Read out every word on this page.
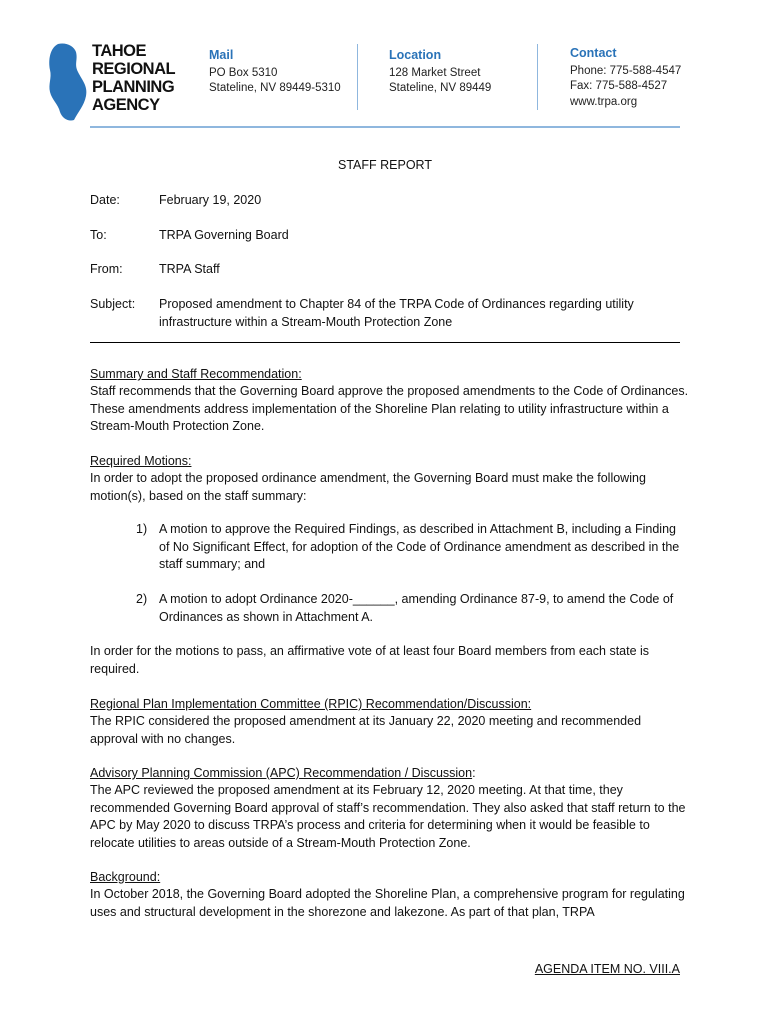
TAHOE
REGIONAL
PLANNING
AGENCY
Mail
PO Box 5310
Stateline, NV 89449-5310
Location
128 Market Street
Stateline, NV 89449
Contact
Phone: 775-588-4547
Fax: 775-588-4527
www.trpa.org
STAFF REPORT
Date:	February 19, 2020
To:	TRPA Governing Board
From:	TRPA Staff
Subject: Proposed amendment to Chapter 84 of the TRPA Code of Ordinances regarding utility infrastructure within a Stream-Mouth Protection Zone
Summary and Staff Recommendation:
Staff recommends that the Governing Board approve the proposed amendments to the Code of Ordinances. These amendments address implementation of the Shoreline Plan relating to utility infrastructure within a Stream-Mouth Protection Zone.
Required Motions:
In order to adopt the proposed ordinance amendment, the Governing Board must make the following motion(s), based on the staff summary:
1) A motion to approve the Required Findings, as described in Attachment B, including a Finding of No Significant Effect, for adoption of the Code of Ordinance amendment as described in the staff summary; and
2) A motion to adopt Ordinance 2020-______, amending Ordinance 87-9, to amend the Code of Ordinances as shown in Attachment A.
In order for the motions to pass, an affirmative vote of at least four Board members from each state is required.
Regional Plan Implementation Committee (RPIC) Recommendation/Discussion:
The RPIC considered the proposed amendment at its January 22, 2020 meeting and recommended approval with no changes.
Advisory Planning Commission (APC) Recommendation / Discussion:
The APC reviewed the proposed amendment at its February 12, 2020 meeting. At that time, they recommended Governing Board approval of staff’s recommendation. They also asked that staff return to the APC by May 2020 to discuss TRPA’s process and criteria for determining when it would be feasible to relocate utilities to areas outside of a Stream-Mouth Protection Zone.
Background:
In October 2018, the Governing Board adopted the Shoreline Plan, a comprehensive program for regulating uses and structural development in the shorezone and lakezone. As part of that plan, TRPA
AGENDA ITEM NO. VIII.A
